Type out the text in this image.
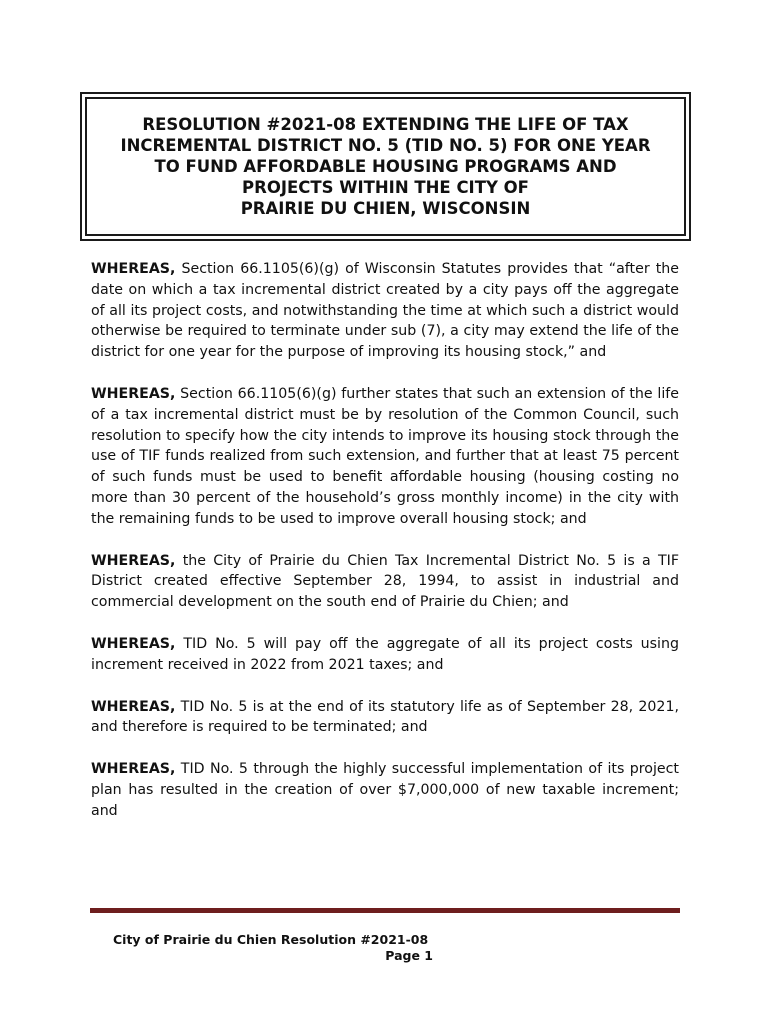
RESOLUTION #2021-08 EXTENDING THE LIFE OF TAX
INCREMENTAL DISTRICT NO. 5 (TID NO. 5) FOR ONE YEAR
TO FUND AFFORDABLE HOUSING PROGRAMS AND
PROJECTS WITHIN THE CITY OF
PRAIRIE DU CHIEN, WISCONSIN

WHEREAS, Section 66.1105(6)(g) of Wisconsin Statutes provides that “after the date on which a tax incremental district created by a city pays off the aggregate of all its project costs, and notwithstanding the time at which such a district would otherwise be required to terminate under sub (7), a city may extend the life of the district for one year for the purpose of improving its housing stock,” and

WHEREAS, Section 66.1105(6)(g) further states that such an extension of the life of a tax incremental district must be by resolution of the Common Council, such resolution to specify how the city intends to improve its housing stock through the use of TIF funds realized from such extension, and further that at least 75 percent of such funds must be used to benefit affordable housing (housing costing no more than 30 percent of the household’s gross monthly income) in the city with the remaining funds to be used to improve overall housing stock; and

WHEREAS, the City of Prairie du Chien Tax Incremental District No. 5 is a TIF District created effective September 28, 1994, to assist in industrial and commercial development on the south end of Prairie du Chien; and

WHEREAS, TID No. 5 will pay off the aggregate of all its project costs using increment received in 2022 from 2021 taxes; and

WHEREAS, TID No. 5 is at the end of its statutory life as of September 28, 2021, and therefore is required to be terminated; and

WHEREAS, TID No. 5 through the highly successful implementation of its project plan has resulted in the creation of over $7,000,000 of new taxable increment; and

City of Prairie du Chien Resolution #2021-08
Page 1
